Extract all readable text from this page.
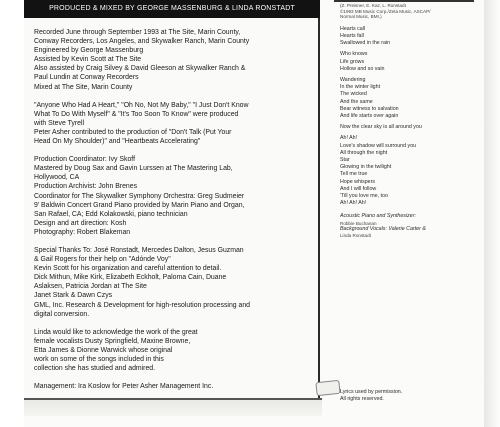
PRODUCED & MIXED BY GEORGE MASSENBURG & LINDA RONSTADT

Recorded June through September 1993 at The Site, Marin County,

Conway Recorders, Los Angeles, and Skywalker Ranch, Marin County

Engineered by George Massenburg

Assisted by Kevin Scott at The Site

Also assisted by Craig Silvey & David Gleeson at Skywalker Ranch &

Paul Lundin at Conway Recorders

Mixed at The Site, Marin County

"Anyone Who Had A Heart," "Oh No, Not My Baby," "I Just Don't Know

What To Do With Myself" & "It's Too Soon To Know" were produced

with Steve Tyrell

Peter Asher contributed to the production of "Don't Talk (Put Your

Head On My Shoulder)" and "Heartbeats Accelerating"

Production Coordinator: Ivy Skoff

Mastered by Doug Sax and Gavin Lurssen at The Mastering Lab,

Hollywood, CA

Production Archivist: John Brenes

Coordinator for The Skywalker Symphony Orchestra: Greg Sudmeier

9' Baldwin Concert Grand Piano provided by Marin Piano and Organ,

San Rafael, CA; Edd Kolakowski, piano technician

Design and art direction: Kosh

Photography: Robert Blakeman

Special Thanks To: José Ronstadt, Mercedes Dalton, Jesus Guzman

& Gail Rogers for their help on "Adónde Voy"

Kevin Scott for his organization and careful attention to detail.

Dick Mithun, Mike Kirk, Elizabeth Eckholt, Paloma Cain, Duane

Aslaksen, Patricia Jordan at The Site

Janet Stark & Dawn Czys

GML, Inc. Research & Development for high-resolution processing and

digital conversion.

Linda would like to acknowledge the work of the great

female vocalists Dusty Springfield, Maxine Browne,

Etta James & Dionne Warwick whose original

work on some of the songs included in this

collection she has studied and admired.

Management: Ira Koslow for Peter Asher Management Inc.

(Z. Preisner, E. Kaz, L. Ronstadt

©1993 MB Music Corp./Zeta Music, ASCAP/

Normal Music, BMI.)

Hearts call

Hearts fall

Swallowed in the rain

Who knows

Life grows

Hollow and so vain

Wandering

In the winter light

The wicked

And the same

Bear witness to salvation

And life starts over again

Now the clear sky is all around you

Ah! Ah!

Love's shadow will surround you

All through the night

Star

Glowing in the twilight

Tell me true

Hope whispers

And I will follow

'Till you love me, too

Ah! Ah! Ah!

Acoustic Piano and Synthesizer:

Robbie Buchanan

Background Vocals: Valerie Carter &

Linda Ronstadt

Lyrics used by permission.

All rights reserved.
